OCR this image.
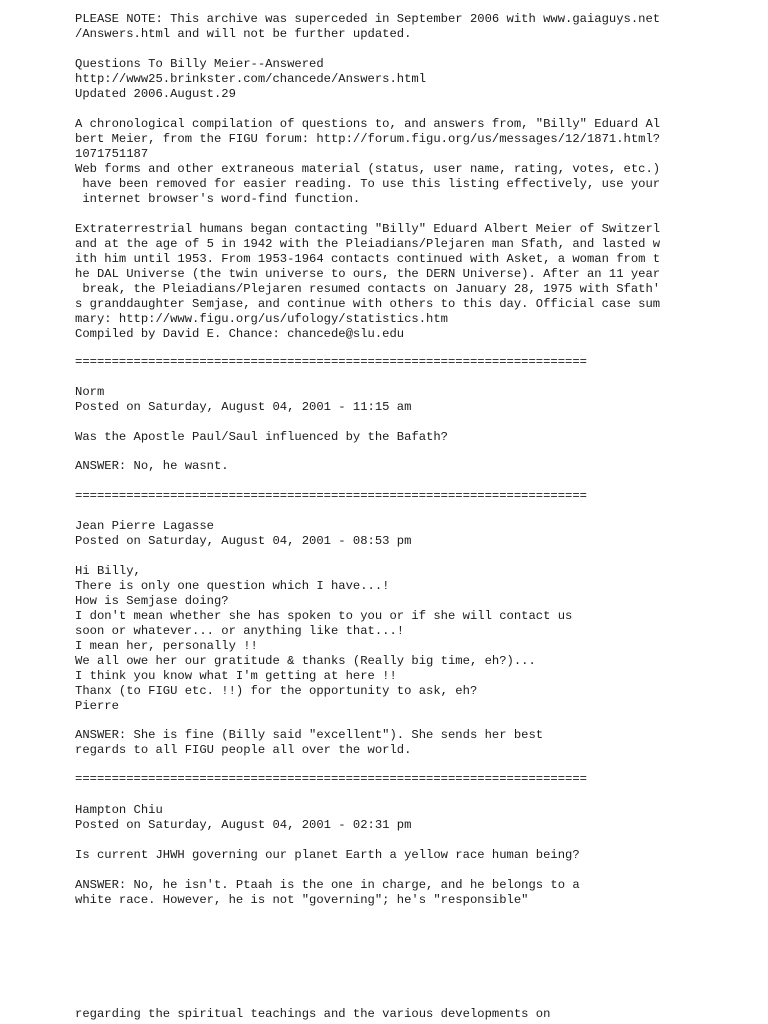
PLEASE NOTE: This archive was superceded in September 2006 with www.gaiaguys.net
/Answers.html and will not be further updated.
Questions To Billy Meier--Answered
http://www25.brinkster.com/chancede/Answers.html
Updated 2006.August.29
A chronological compilation of questions to, and answers from, "Billy" Eduard Al
bert Meier, from the FIGU forum: http://forum.figu.org/us/messages/12/1871.html?
1071751187
Web forms and other extraneous material (status, user name, rating, votes, etc.)
have been removed for easier reading. To use this listing effectively, use your
internet browser's word-find function.
Extraterrestrial humans began contacting "Billy" Eduard Albert Meier of Switzerl
and at the age of 5 in 1942 with the Pleiadians/Plejaren man Sfath, and lasted w
ith him until 1953. From 1953-1964 contacts continued with Asket, a woman from t
he DAL Universe (the twin universe to ours, the DERN Universe). After an 11 year
break, the Pleiadians/Plejaren resumed contacts on January 28, 1975 with Sfath'
s granddaughter Semjase, and continue with others to this day. Official case sum
mary: http://www.figu.org/us/ufology/statistics.htm
Compiled by David E. Chance: chancede@slu.edu
======================================================================
Norm
Posted on Saturday, August 04, 2001 - 11:15 am
Was the Apostle Paul/Saul influenced by the Bafath?
ANSWER: No, he wasnt.
======================================================================
Jean Pierre Lagasse
Posted on Saturday, August 04, 2001 - 08:53 pm
Hi Billy,
There is only one question which I have...!
How is Semjase doing?
I don't mean whether she has spoken to you or if she will contact us
soon or whatever... or anything like that...!
I mean her, personally !!
We all owe her our gratitude & thanks (Really big time, eh?)...
I think you know what I'm getting at here !!
Thanx (to FIGU etc. !!) for the opportunity to ask, eh?
Pierre
ANSWER: She is fine (Billy said "excellent"). She sends her best
regards to all FIGU people all over the world.
======================================================================
Hampton Chiu
Posted on Saturday, August 04, 2001 - 02:31 pm
Is current JHWH governing our planet Earth a yellow race human being?
ANSWER: No, he isn't. Ptaah is the one in charge, and he belongs to a
white race. However, he is not "governing"; he's "responsible"
regarding the spiritual teachings and the various developments on
